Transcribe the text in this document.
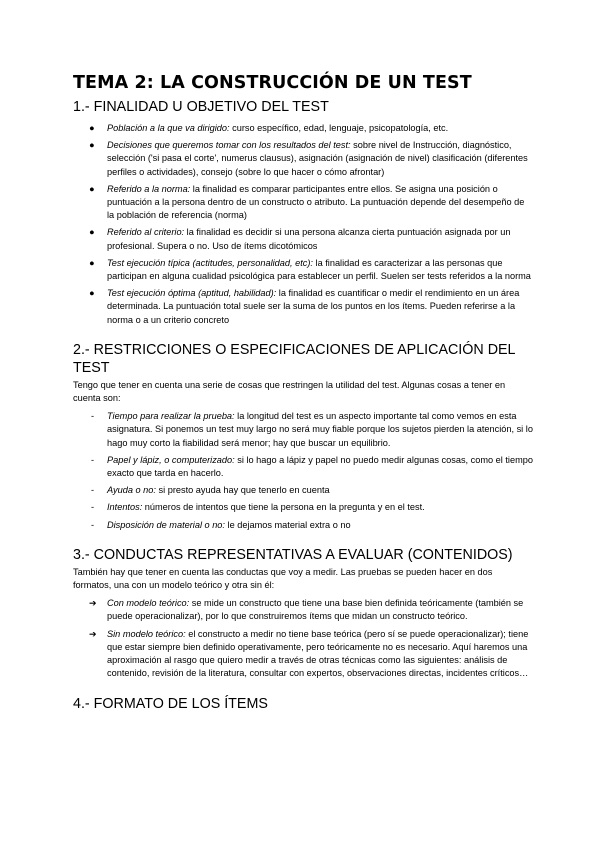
TEMA 2: LA CONSTRUCCIÓN DE UN TEST
1.- FINALIDAD U OBJETIVO DEL TEST
●	Población a la que va dirigido: curso específico, edad, lenguaje, psicopatología, etc.
●	Decisiones que queremos tomar con los resultados del test: sobre nivel de Instrucción, diagnóstico, selección ('si pasa el corte', numerus clausus), asignación (asignación de nivel) clasificación (diferentes perfiles o actividades), consejo (sobre lo que hacer o cómo afrontar)
●	Referido a la norma: la finalidad es comparar participantes entre ellos. Se asigna una posición o puntuación a la persona dentro de un constructo o atributo. La puntuación depende del desempeño de la población de referencia (norma)
●	Referido al criterio: la finalidad es decidir si una persona alcanza cierta puntuación asignada por un profesional. Supera o no. Uso de ítems dicotómicos
●	Test ejecución típica (actitudes, personalidad, etc): la finalidad es caracterizar a las personas que participan en alguna cualidad psicológica para establecer un perfil. Suelen ser tests referidos a la norma
●	Test ejecución óptima (aptitud, habilidad): la finalidad es cuantificar o medir el rendimiento en un área determinada. La puntuación total suele ser la suma de los puntos en los ítems. Pueden referirse a la norma o a un criterio concreto
2.- RESTRICCIONES O ESPECIFICACIONES DE APLICACIÓN DEL TEST

Tengo que tener en cuenta una serie de cosas que restringen la utilidad del test. Algunas cosas a tener en cuenta son:

- Tiempo para realizar la prueba: la longitud del test es un aspecto importante tal como vemos en esta asignatura. Si ponemos un test muy largo no será muy fiable porque los sujetos pierden la atención, si lo hago muy corto la fiabilidad será menor; hay que buscar un equilibrio.
- Papel y lápiz, o computerizado: si lo hago a lápiz y papel no puedo medir algunas cosas, como el tiempo exacto que tarda en hacerlo.
- Ayuda o no: si presto ayuda hay que tenerlo en cuenta
- Intentos: números de intentos que tiene la persona en la pregunta y en el test.
- Disposición de material o no: le dejamos material extra o no
3.- CONDUCTAS REPRESENTATIVAS A EVALUAR (CONTENIDOS)

También hay que tener en cuenta las conductas que voy a medir. Las pruebas se pueden hacer en dos formatos, una con un modelo teórico y otra sin él:

➔ Con modelo teórico: se mide un constructo que tiene una base bien definida teóricamente (también se puede operacionalizar), por lo que construiremos ítems que midan un constructo teórico.
➔ Sin modelo teórico: el constructo a medir no tiene base teórica (pero sí se puede operacionalizar); tiene que estar siempre bien definido operativamente, pero teóricamente no es necesario. Aquí haremos una aproximación al rasgo que quiero medir a través de otras técnicas como las siguientes: análisis de contenido, revisión de la literatura, consultar con expertos, observaciones directas, incidentes críticos…
4.- FORMATO DE LOS ÍTEMS
